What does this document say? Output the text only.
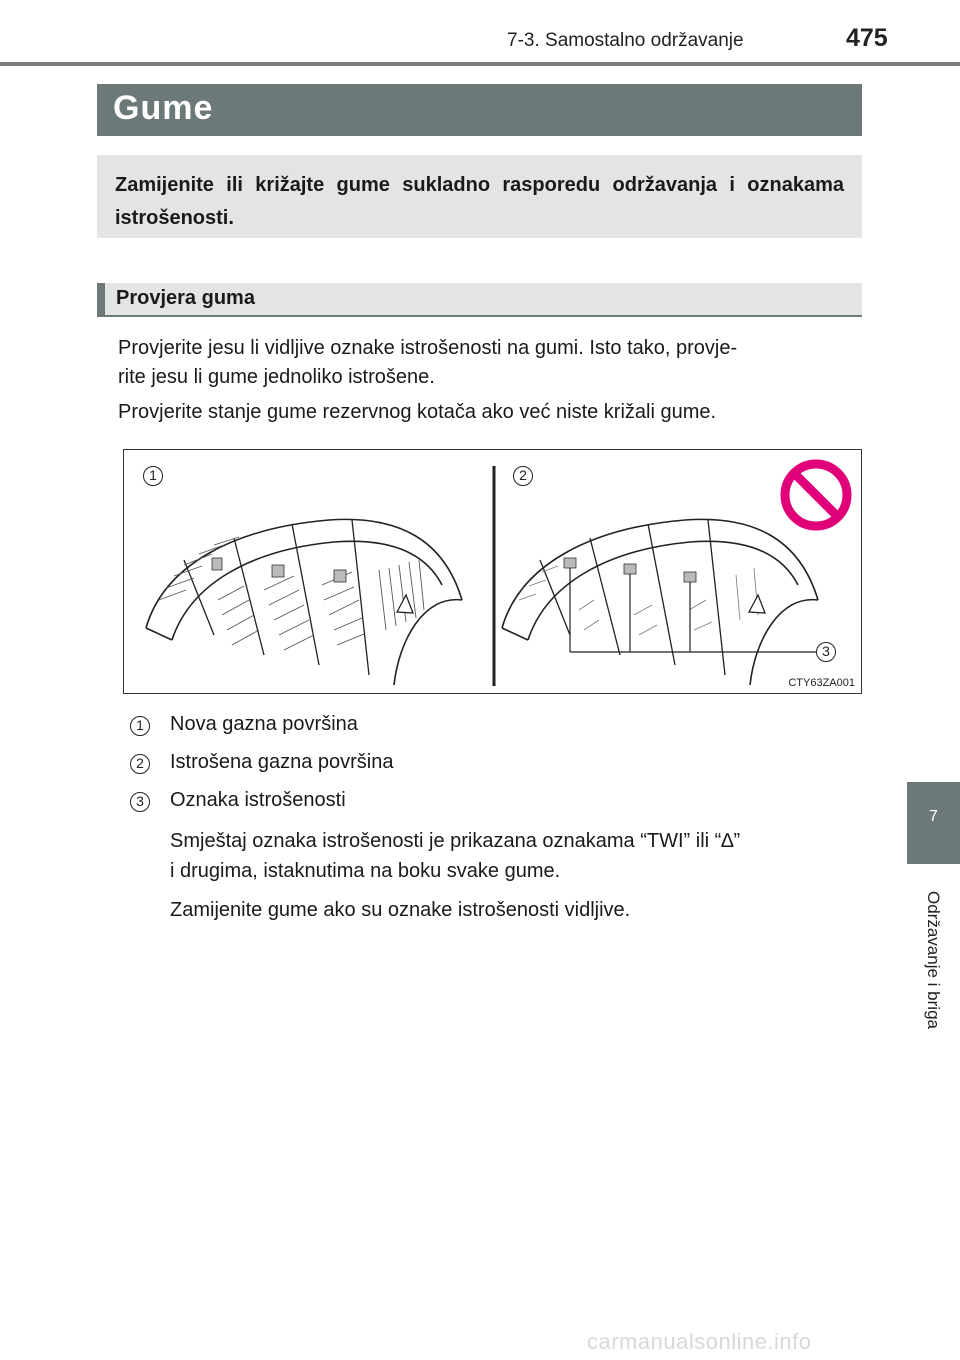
7-3. Samostalno održavanje	475
Gume
Zamijenite ili križajte gume sukladno rasporedu održavanja i oznakama istrošenosti.
Provjera guma
Provjerite jesu li vidljive oznake istrošenosti na gumi. Isto tako, provje-
rite jesu li gume jednoliko istrošene.
Provjerite stanje gume rezervnog kotača ako već niste križali gume.
1	2
3
CTY63ZA001
1	Nova gazna površina
2	Istrošena gazna površina
3	Oznaka istrošenosti
Smještaj oznaka istrošenosti je prikazana oznakama “TWI” ili “∆”
i drugima, istaknutima na boku svake gume.
Zamijenite gume ako su oznake istrošenosti vidljive.
7
Održavanje i briga
carmanualsonline.info
